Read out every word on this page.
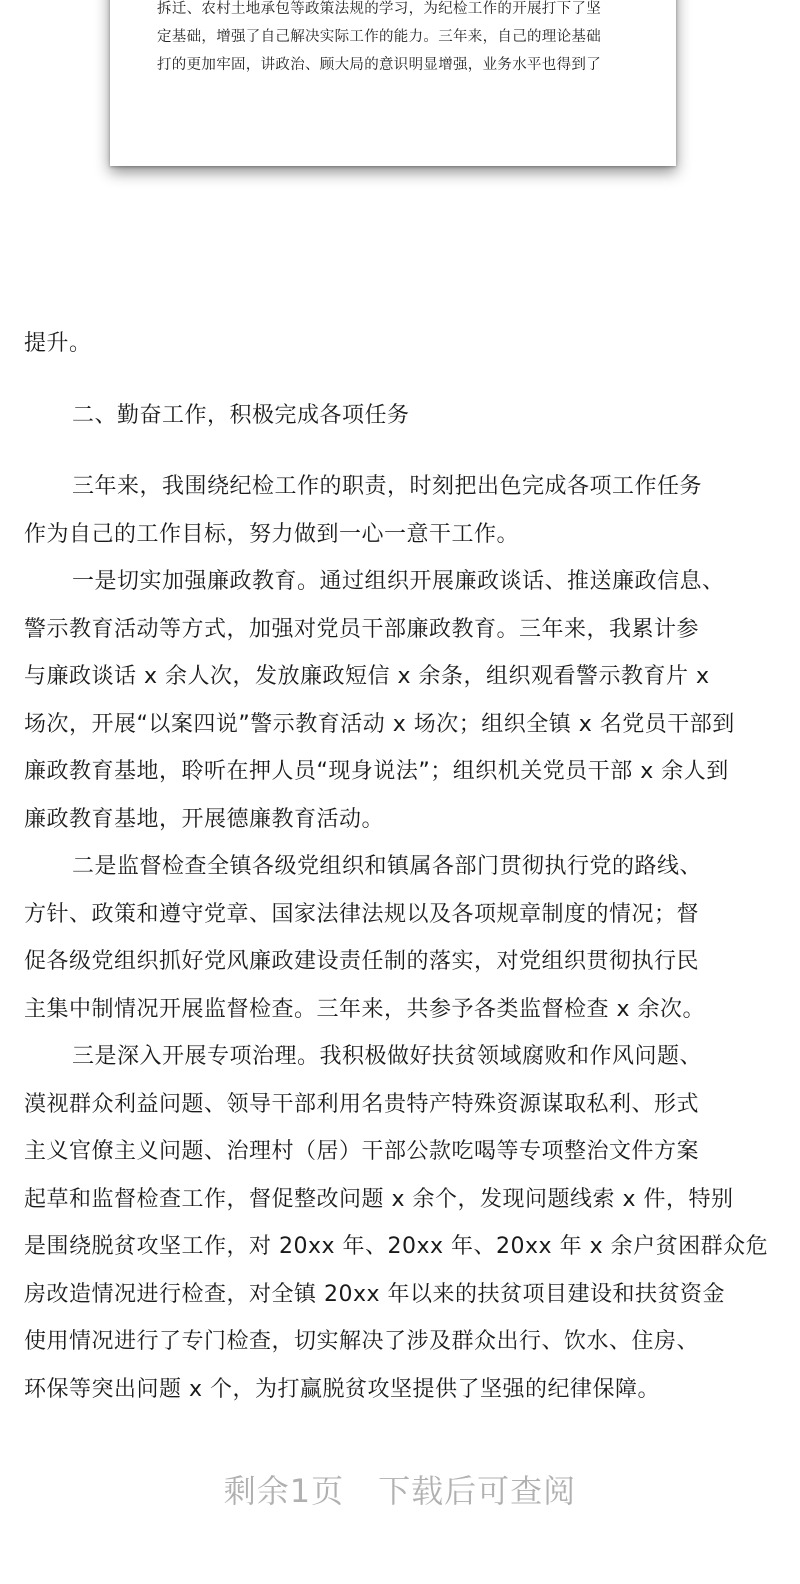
拆迁、农村土地承包等政策法规的学习，为纪检工作的开展打下了坚
定基础，增强了自己解决实际工作的能力。三年来，自己的理论基础
打的更加牢固，讲政治、顾大局的意识明显增强，业务水平也得到了
提升。
二、勤奋工作，积极完成各项任务
三年来，我围绕纪检工作的职责，时刻把出色完成各项工作任务
作为自己的工作目标，努力做到一心一意干工作。
一是切实加强廉政教育。通过组织开展廉政谈话、推送廉政信息、
警示教育活动等方式，加强对党员干部廉政教育。三年来，我累计参
与廉政谈话 x 余人次，发放廉政短信 x 余条，组织观看警示教育片 x
场次，开展“以案四说”警示教育活动 x 场次；组织全镇 x 名党员干部到
廉政教育基地，聆听在押人员“现身说法”；组织机关党员干部 x 余人到
廉政教育基地，开展德廉教育活动。
二是监督检查全镇各级党组织和镇属各部门贯彻执行党的路线、
方针、政策和遵守党章、国家法律法规以及各项规章制度的情况；督
促各级党组织抓好党风廉政建设责任制的落实，对党组织贯彻执行民
主集中制情况开展监督检查。三年来，共参予各类监督检查 x 余次。
三是深入开展专项治理。我积极做好扶贫领域腐败和作风问题、
漠视群众利益问题、领导干部利用名贵特产特殊资源谋取私利、形式
主义官僚主义问题、治理村（居）干部公款吃喝等专项整治文件方案
起草和监督检查工作，督促整改问题 x 余个，发现问题线索 x 件，特别
是围绕脱贫攻坚工作，对 20xx 年、20xx 年、20xx 年 x 余户贫困群众危
房改造情况进行检查，对全镇 20xx 年以来的扶贫项目建设和扶贫资金
使用情况进行了专门检查，切实解决了涉及群众出行、饮水、住房、
环保等突出问题 x 个，为打赢脱贫攻坚提供了坚强的纪律保障。
剩余1页 下载后可查阅
